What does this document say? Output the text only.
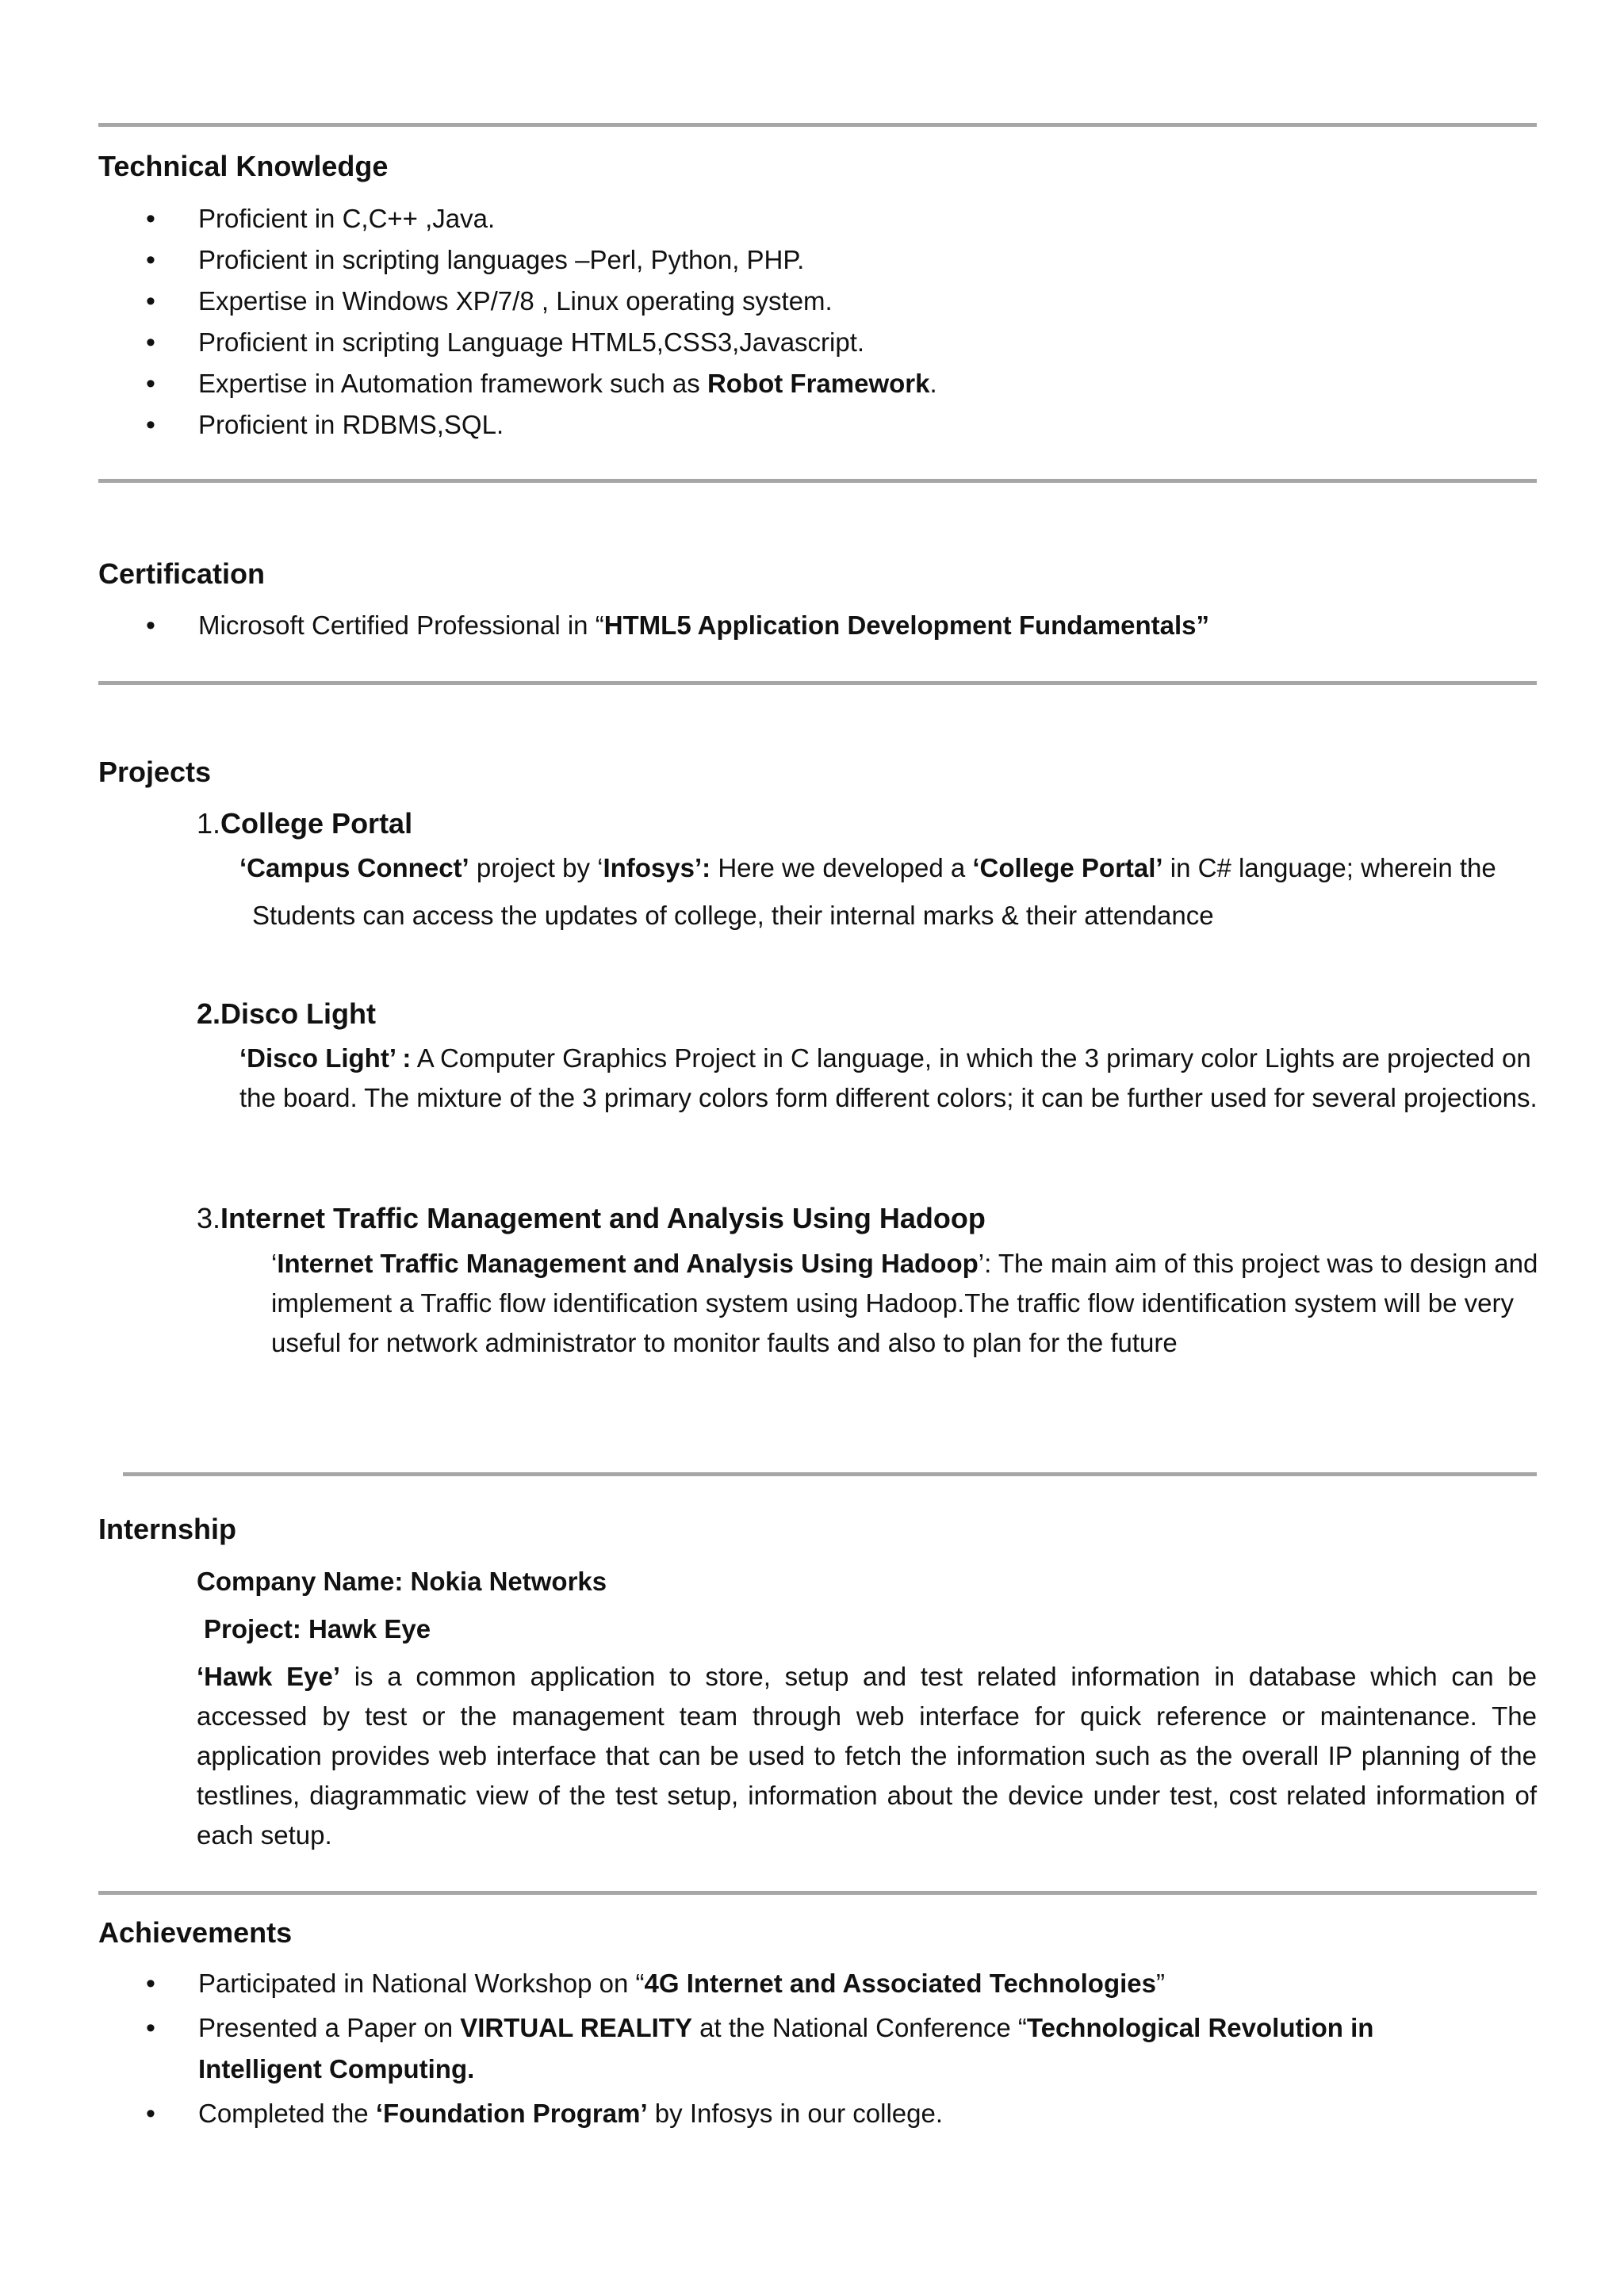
Technical Knowledge
• Proficient in C,C++ ,Java.
• Proficient in scripting languages –Perl, Python, PHP.
• Expertise in Windows XP/7/8 , Linux operating system.
• Proficient in scripting Language HTML5,CSS3,Javascript.
• Expertise in Automation framework such as Robot Framework.
• Proficient in RDBMS,SQL.
Certification
• Microsoft Certified Professional in “HTML5 Application Development Fundamentals”
Projects

1.College Portal

‘Campus Connect’ project by ‘Infosys’: Here we developed a ‘College Portal’ in C# language; wherein the

Students can access the updates of college, their internal marks & their attendance

2.Disco Light

‘Disco Light’ : A Computer Graphics Project in C language, in which the 3 primary color Lights are projected on the board. The mixture of the 3 primary colors form different colors; it can be further used for several projections.

3.Internet Traffic Management and Analysis Using Hadoop

‘Internet Traffic Management and Analysis Using Hadoop’: The main aim of this project was to design and implement a Traffic flow identification system using Hadoop.The traffic flow identification system will be very useful for network administrator to monitor faults and also to plan for the future

Internship

Company Name: Nokia Networks

Project: Hawk Eye

‘Hawk Eye’ is a common application to store, setup and test related information in database which can be accessed by test or the management team through web interface for quick reference or maintenance. The application provides web interface that can be used to fetch the information such as the overall IP planning of the testlines, diagrammatic view of the test setup, information about the device under test, cost related information of each setup.

Achievements
• Participated in National Workshop on “4G Internet and Associated Technologies”
• Presented a Paper on VIRTUAL REALITY at the National Conference “Technological Revolution in Intelligent Computing.
• Completed the ‘Foundation Program’ by Infosys in our college.
